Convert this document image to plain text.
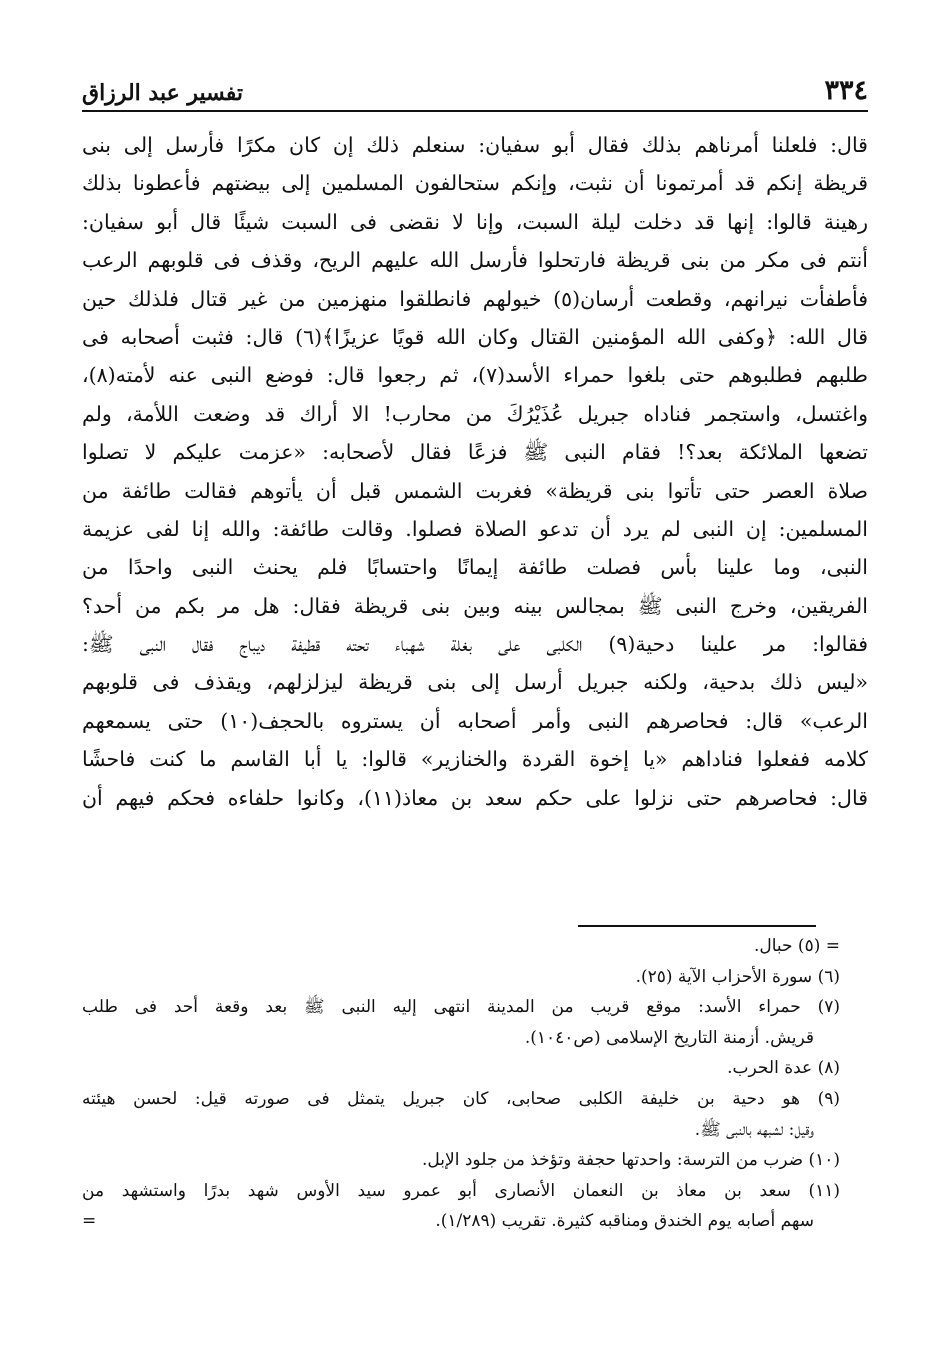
٣٣٤
تفسير عبد الرزاق
قال: فلعلنا أمرناهم بذلك فقال أبو سفيان: سنعلم ذلك إن كان مكرًا فأرسل إلى بنى
قريظة إنكم قد أمرتمونا أن نثبت، وإنكم ستحالفون المسلمين إلى بيضتهم فأعطونا بذلك
رهينة قالوا: إنها قد دخلت ليلة السبت، وإنا لا نقضى فى السبت شيئًا قال أبو سفيان:
أنتم فى مكر من بنى قريظة فارتحلوا فأرسل الله عليهم الريح، وقذف فى قلوبهم الرعب
فأطفأت نيرانهم، وقطعت أرسان(٥) خيولهم فانطلقوا منهزمين من غير قتال فلذلك حين
قال الله: ﴿وكفى الله المؤمنين القتال وكان الله قويًا عزيزًا﴾(٦) قال: فثبت أصحابه فى
طلبهم فطلبوهم حتى بلغوا حمراء الأسد(٧)، ثم رجعوا قال: فوضع النبى عنه لأمته(٨)،
واغتسل، واستجمر فناداه جبريل عُذَيْرُكَ من محارب! الا أراك قد وضعت اللأمة، ولم
تضعها الملائكة بعد؟! فقام النبى ﷺ فزعًا فقال لأصحابه: «عزمت عليكم لا تصلوا
صلاة العصر حتى تأتوا بنى قريظة» فغربت الشمس قبل أن يأتوهم فقالت طائفة من
المسلمين: إن النبى لم يرد أن تدعو الصلاة فصلوا. وقالت طائفة: والله إنا لفى عزيمة
النبى، وما علينا بأس فصلت طائفة إيمانًا واحتسابًا فلم يحنث النبى واحدًا من
الفريقين، وخرج النبى ﷺ بمجالس بينه وبين بنى قريظة فقال: هل مر بكم من أحد؟
فقالوا: مر علينا دحية(٩) الكلبى على بغلة شهباء تحته قطيفة ديباج فقال النبى ﷺ:
«ليس ذلك بدحية، ولكنه جبريل أرسل إلى بنى قريظة ليزلزلهم، ويقذف فى قلوبهم
الرعب» قال: فحاصرهم النبى وأمر أصحابه أن يستروه بالحجف(١٠) حتى يسمعهم
كلامه ففعلوا فناداهم «يا إخوة القردة والخنازير» قالوا: يا أبا القاسم ما كنت فاحشًا
قال: فحاصرهم حتى نزلوا على حكم سعد بن معاذ(١١)، وكانوا حلفاءه فحكم فيهم أن
= (٥) حبال.
(٦) سورة الأحزاب الآية (٢٥).
(٧) حمراء الأسد: موقع قريب من المدينة انتهى إليه النبى ﷺ بعد وقعة أحد فى طلب
قريش. أزمنة التاريخ الإسلامى (ص١٠٤٠).
(٨) عدة الحرب.
(٩) هو دحية بن خليفة الكلبى صحابى، كان جبريل يتمثل فى صورته قيل: لحسن هيئته
وقيل: لشبهه بالنبى ﷺ.
(١٠) ضرب من الترسة: واحدتها حجفة وتؤخذ من جلود الإبل.
(١١) سعد بن معاذ بن النعمان الأنصارى أبو عمرو سيد الأوس شهد بدرًا واستشهد من
سهم أصابه يوم الخندق ومناقبه كثيرة. تقريب (١/٢٨٩).
=
